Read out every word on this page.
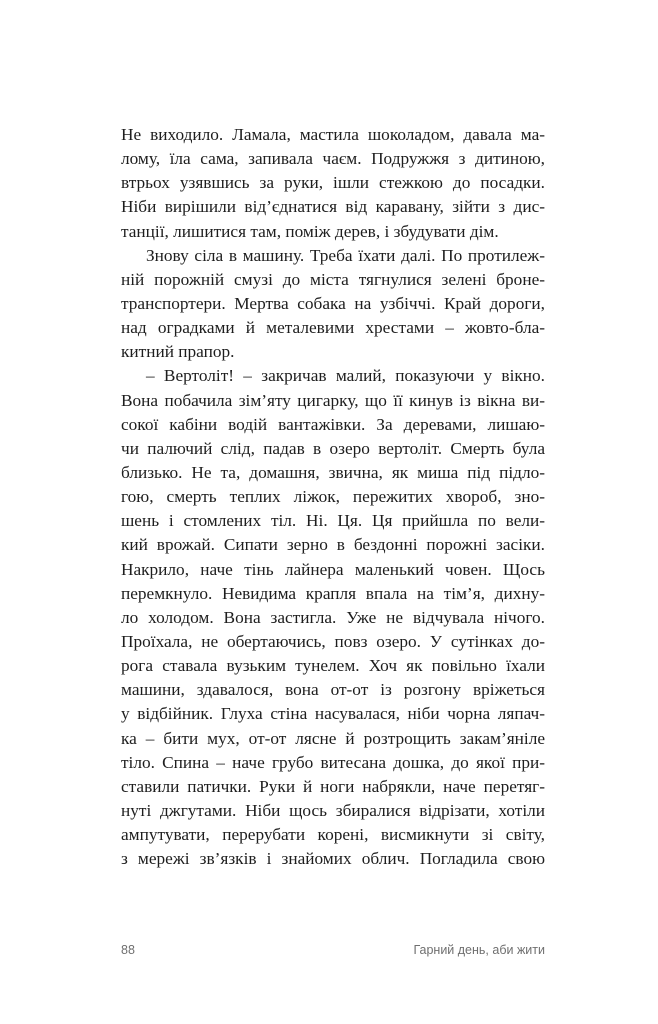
Не виходило. Ламала, мастила шоколадом, давала ма-
лому, їла сама, запивала чаєм. Подружжя з дитиною,
втрьох узявшись за руки, ішли стежкою до посадки.
Ніби вирішили від’єднатися від каравану, зійти з дис-
танції, лишитися там, поміж дерев, і збудувати дім.
Знову сіла в машину. Треба їхати далі. По протилеж-
ній порожній смузі до міста тягнулися зелені броне-
транспортери. Мертва собака на узбіччі. Край дороги,
над оградками й металевими хрестами – жовто-бла-
китний прапор.
– Вертоліт! – закричав малий, показуючи у вікно.
Вона побачила зім’яту цигарку, що її кинув із вікна ви-
сокої кабіни водій вантажівки. За деревами, лишаю-
чи палючий слід, падав в озеро вертоліт. Смерть була
близько. Не та, домашня, звична, як миша під підло-
гою, смерть теплих ліжок, пережитих хвороб, зно-
шень і стомлених тіл. Ні. Ця. Ця прийшла по вели-
кий врожай. Сипати зерно в бездонні порожні засіки.
Накрило, наче тінь лайнера маленький човен. Щось
перемкнуло. Невидима крапля впала на тім’я, дихну-
ло холодом. Вона застигла. Уже не відчувала нічого.
Проїхала, не обертаючись, повз озеро. У сутінках до-
рога ставала вузьким тунелем. Хоч як повільно їхали
машини, здавалося, вона от-от із розгону вріжеться
у відбійник. Глуха стіна насувалася, ніби чорна ляпач-
ка – бити мух, от-от лясне й розтрощить закам’яніле
тіло. Спина – наче грубо витесана дошка, до якої при-
ставили патички. Руки й ноги набрякли, наче перетяг-
нуті джгутами. Ніби щось збиралися відрізати, хотіли
ампутувати, перерубати корені, висмикнути зі світу,
з мережі зв’язків і знайомих облич. Погладила свою
88	Гарний день, аби жити
